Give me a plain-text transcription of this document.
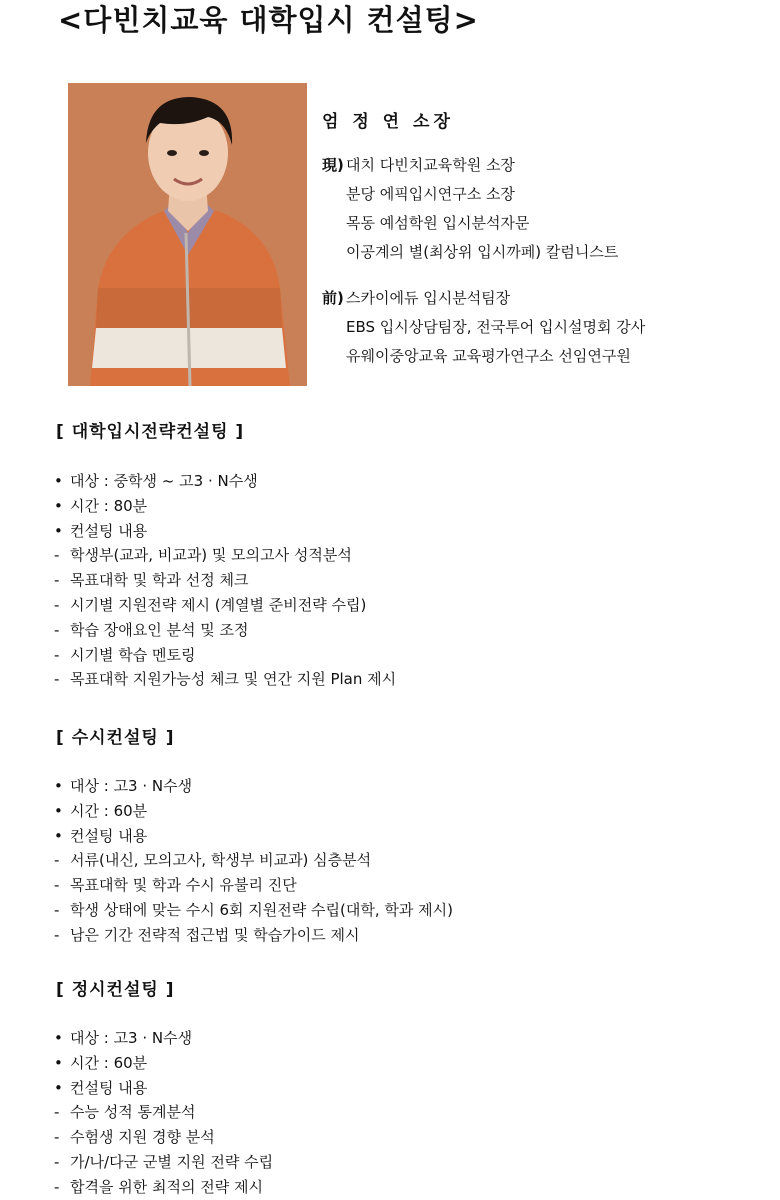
<다빈치교육 대학입시 컨설팅>
엄 정 연 소장
現) 대치 다빈치교육학원 소장
분당 에픽입시연구소 소장
목동 예섬학원 입시분석자문
이공계의 별(최상위 입시까페) 칼럼니스트
前) 스카이에듀 입시분석팀장
EBS 입시상담팀장, 전국투어 입시설명회 강사
유웨이중앙교육 교육평가연구소 선임연구원
[ 대학입시전략컨설팅 ]
• 대상 : 중학생 ~ 고3 · N수생
• 시간 : 80분
• 컨설팅 내용
- 학생부(교과, 비교과) 및 모의고사 성적분석
- 목표대학 및 학과 선정 체크
- 시기별 지원전략 제시 (계열별 준비전략 수립)
- 학습 장애요인 분석 및 조정
- 시기별 학습 멘토링
- 목표대학 지원가능성 체크 및 연간 지원 Plan 제시
[ 수시컨설팅 ]
• 대상 : 고3 · N수생
• 시간 : 60분
• 컨설팅 내용
- 서류(내신, 모의고사, 학생부 비교과) 심층분석
- 목표대학 및 학과 수시 유불리 진단
- 학생 상태에 맞는 수시 6회 지원전략 수립(대학, 학과 제시)
- 남은 기간 전략적 접근법 및 학습가이드 제시
[ 정시컨설팅 ]
• 대상 : 고3 · N수생
• 시간 : 60분
• 컨설팅 내용
- 수능 성적 통계분석
- 수험생 지원 경향 분석
- 가/나/다군 군별 지원 전략 수립
- 합격을 위한 최적의 전략 제시
